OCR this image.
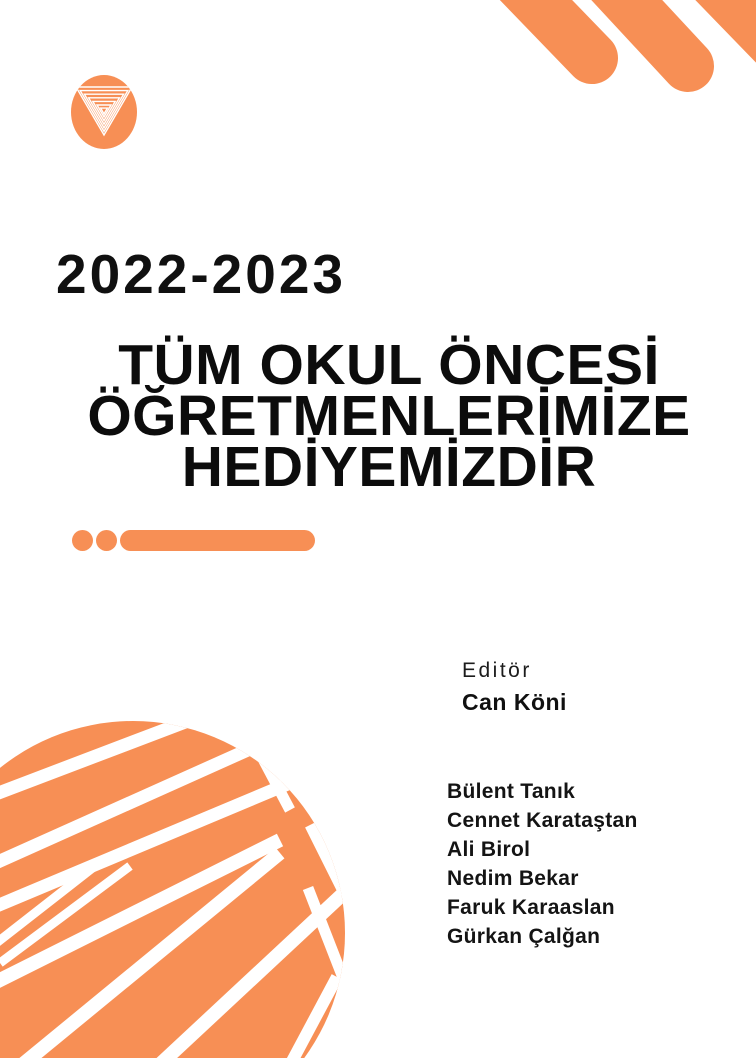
2022-2023
TÜM OKUL ÖNCESİ
ÖĞRETMENLERİMİZE
HEDİYEMİZDİR
Editör
Can Köni
Bülent Tanık
Cennet Karataştan
Ali Birol
Nedim Bekar
Faruk Karaaslan
Gürkan Çalğan
